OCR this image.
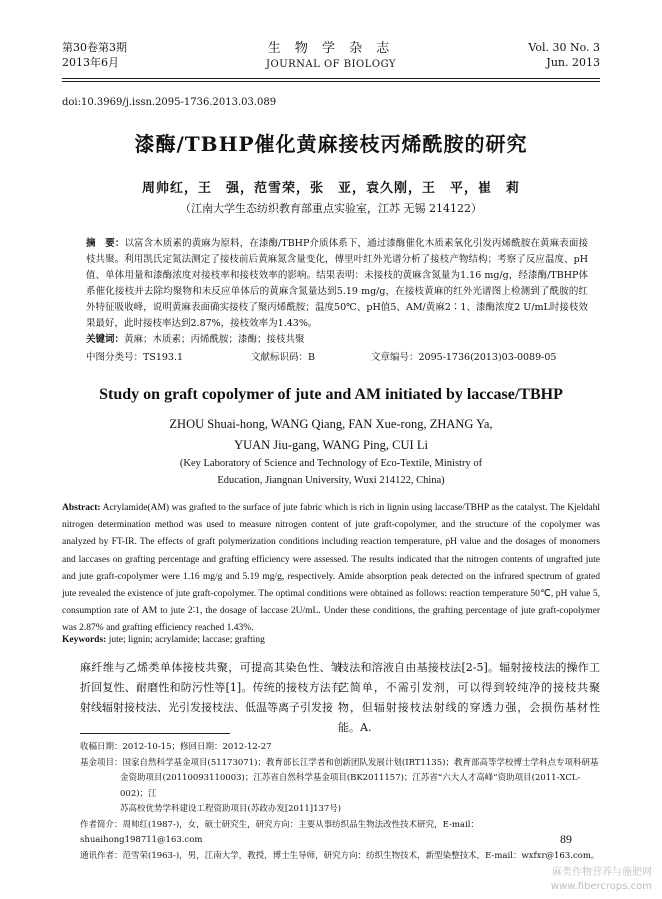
第30卷第3期
2013年6月
生 物 学 杂 志
JOURNAL OF BIOLOGY
Vol. 30 No. 3
Jun. 2013
doi:10.3969/j.issn.2095-1736.2013.03.089
漆酶/TBHP催化黄麻接枝丙烯酰胺的研究
周帅红，王　强，范雪荣，张　亚，袁久刚，王　平，崔　莉
（江南大学生态纺织教育部重点实验室，江苏 无锡 214122）
摘　要：以富含木质素的黄麻为原料，在漆酶/TBHP介质体系下，通过漆酶催化木质素氧化引发丙烯酰胺在黄麻表面接枝共聚。利用凯氏定氮法测定了接枝前后黄麻氮含量变化，傅里叶红外光谱分析了接枝产物结构；考察了反应温度、pH值、单体用量和漆酶浓度对接枝率和接枝效率的影响。结果表明：未接枝的黄麻含氮量为1.16 mg/g，经漆酶/TBHP体系催化接枝并去除均聚物和未反应单体后的黄麻含氮量达到5.19 mg/g，在接枝黄麻的红外光谱图上检测到了酰胺的红外特征吸收峰，说明黄麻表面确实接枝了聚丙烯酰胺；温度50℃、pH值5、AM/黄麻2∶1、漆酶浓度2 U/mL时接枝效果最好，此时接枝率达到2.87%，接枝效率为1.43%。
关键词：黄麻；木质素；丙烯酰胺；漆酶；接枝共聚
中图分类号：TS193.1	文献标识码：B	文章编号：2095-1736(2013)03-0089-05
Study on graft copolymer of jute and AM initiated by laccase/TBHP
ZHOU Shuai-hong, WANG Qiang, FAN Xue-rong, ZHANG Ya,
YUAN Jiu-gang, WANG Ping, CUI Li
(Key Laboratory of Science and Technology of Eco-Textile, Ministry of
Education, Jiangnan University, Wuxi 214122, China)
Abstract: Acrylamide(AM) was grafted to the surface of jute fabric which is rich in lignin using laccase/TBHP as the catalyst. The Kjeldahl nitrogen determination method was used to measure nitrogen content of jute graft-copolymer, and the structure of the copolymer was analyzed by FT-IR. The effects of graft polymerization conditions including reaction temperature, pH value and the dosages of monomers and laccases on grafting percentage and grafting efficiency were assessed. The results indicated that the nitrogen contents of ungrafted jute and jute graft-copolymer were 1.16 mg/g and 5.19 mg/g, respectively. Amide absorption peak detected on the infrared spectrum of grated jute revealed the existence of jute graft-copolymer. The optimal conditions were obtained as follows: reaction temperature 50℃, pH value 5, consumption rate of AM to jute 2∶1, the dosage of laccase 2U/mL. Under these conditions, the grafting percentage of jute graft-copolymer was 2.87% and grafting efficiency reached 1.43%.
Keywords: jute; lignin; acrylamide; laccase; grafting
麻纤维与乙烯类单体接枝共聚，可提高其染色性、皱折回复性、耐磨性和防污性等[1]。传统的接枝方法有射线辐射接枝法、光引发接枝法、低温等离子引发接
枝法和溶液自由基接枝法[2-5]。辐射接枝法的操作工艺简单，不需引发剂，可以得到较纯净的接枝共聚物，但辐射接枝法射线的穿透力强，会损伤基材性能。A.
收稿日期：2012-10-15；修回日期：2012-12-27
基金项目：国家自然科学基金项目(51173071)；教育部长江学者和创新团队发展计划(IRT1135)；教育部高等学校博士学科点专项科研基
金资助项目(20110093110003)；江苏省自然科学基金项目(BK2011157)；江苏省“六大人才高峰”资助项目(2011-XCL-002)；江
苏高校优势学科建设工程资助项目(苏政办发[2011]137号)
作者简介：周帅红(1987-)，女，硕士研究生，研究方向：主要从事纺织品生物法改性技术研究，E-mail：shuaihong198711@163.com
通讯作者：范雪荣(1963-)，男，江南大学，教授，博士生导师，研究方向：纺织生物技术，新型染整技术，E-mail：wxfxr@163.com。
89
麻类作物营养与施肥网
www.fibercrops.com
